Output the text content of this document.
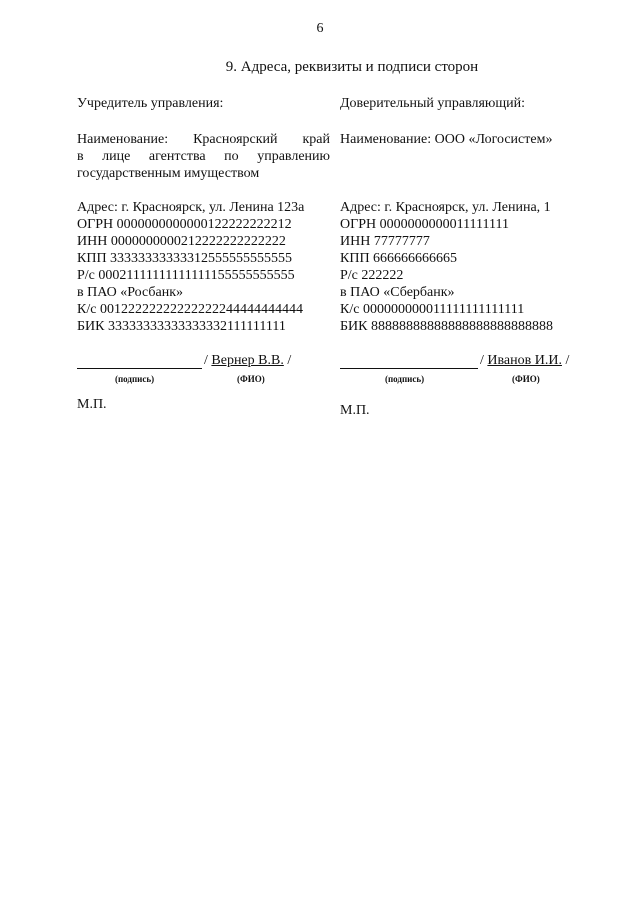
6
9. Адреса, реквизиты и подписи сторон
Учредитель управления:
Наименование: Красноярский край
в лице агентства по управлению
государственным имуществом
Адрес: г. Красноярск, ул. Ленина 123а
ОГРН 0000000000000122222222212
ИНН 0000000000212222222222222
КПП 33333333333312555555555555
Р/с 00021111111111111155555555555
в ПАО «Росбанк»
К/с 00122222222222222244444444444
БИК 33333333333333332111111111
/
Вернер В.В.
/
(подпись)	(ФИО)
М.П.
Доверительный управляющий:
Наименование: ООО «Логосистем»
Адрес: г. Красноярск, ул. Ленина, 1
ОГРН 0000000000011111111
ИНН 77777777
КПП 666666666665
Р/с 222222
в ПАО «Сбербанк»
К/с 000000000011111111111111
БИК 88888888888888888888888888
/
Иванов И.И.
/
(подпись)	(ФИО)
М.П.
